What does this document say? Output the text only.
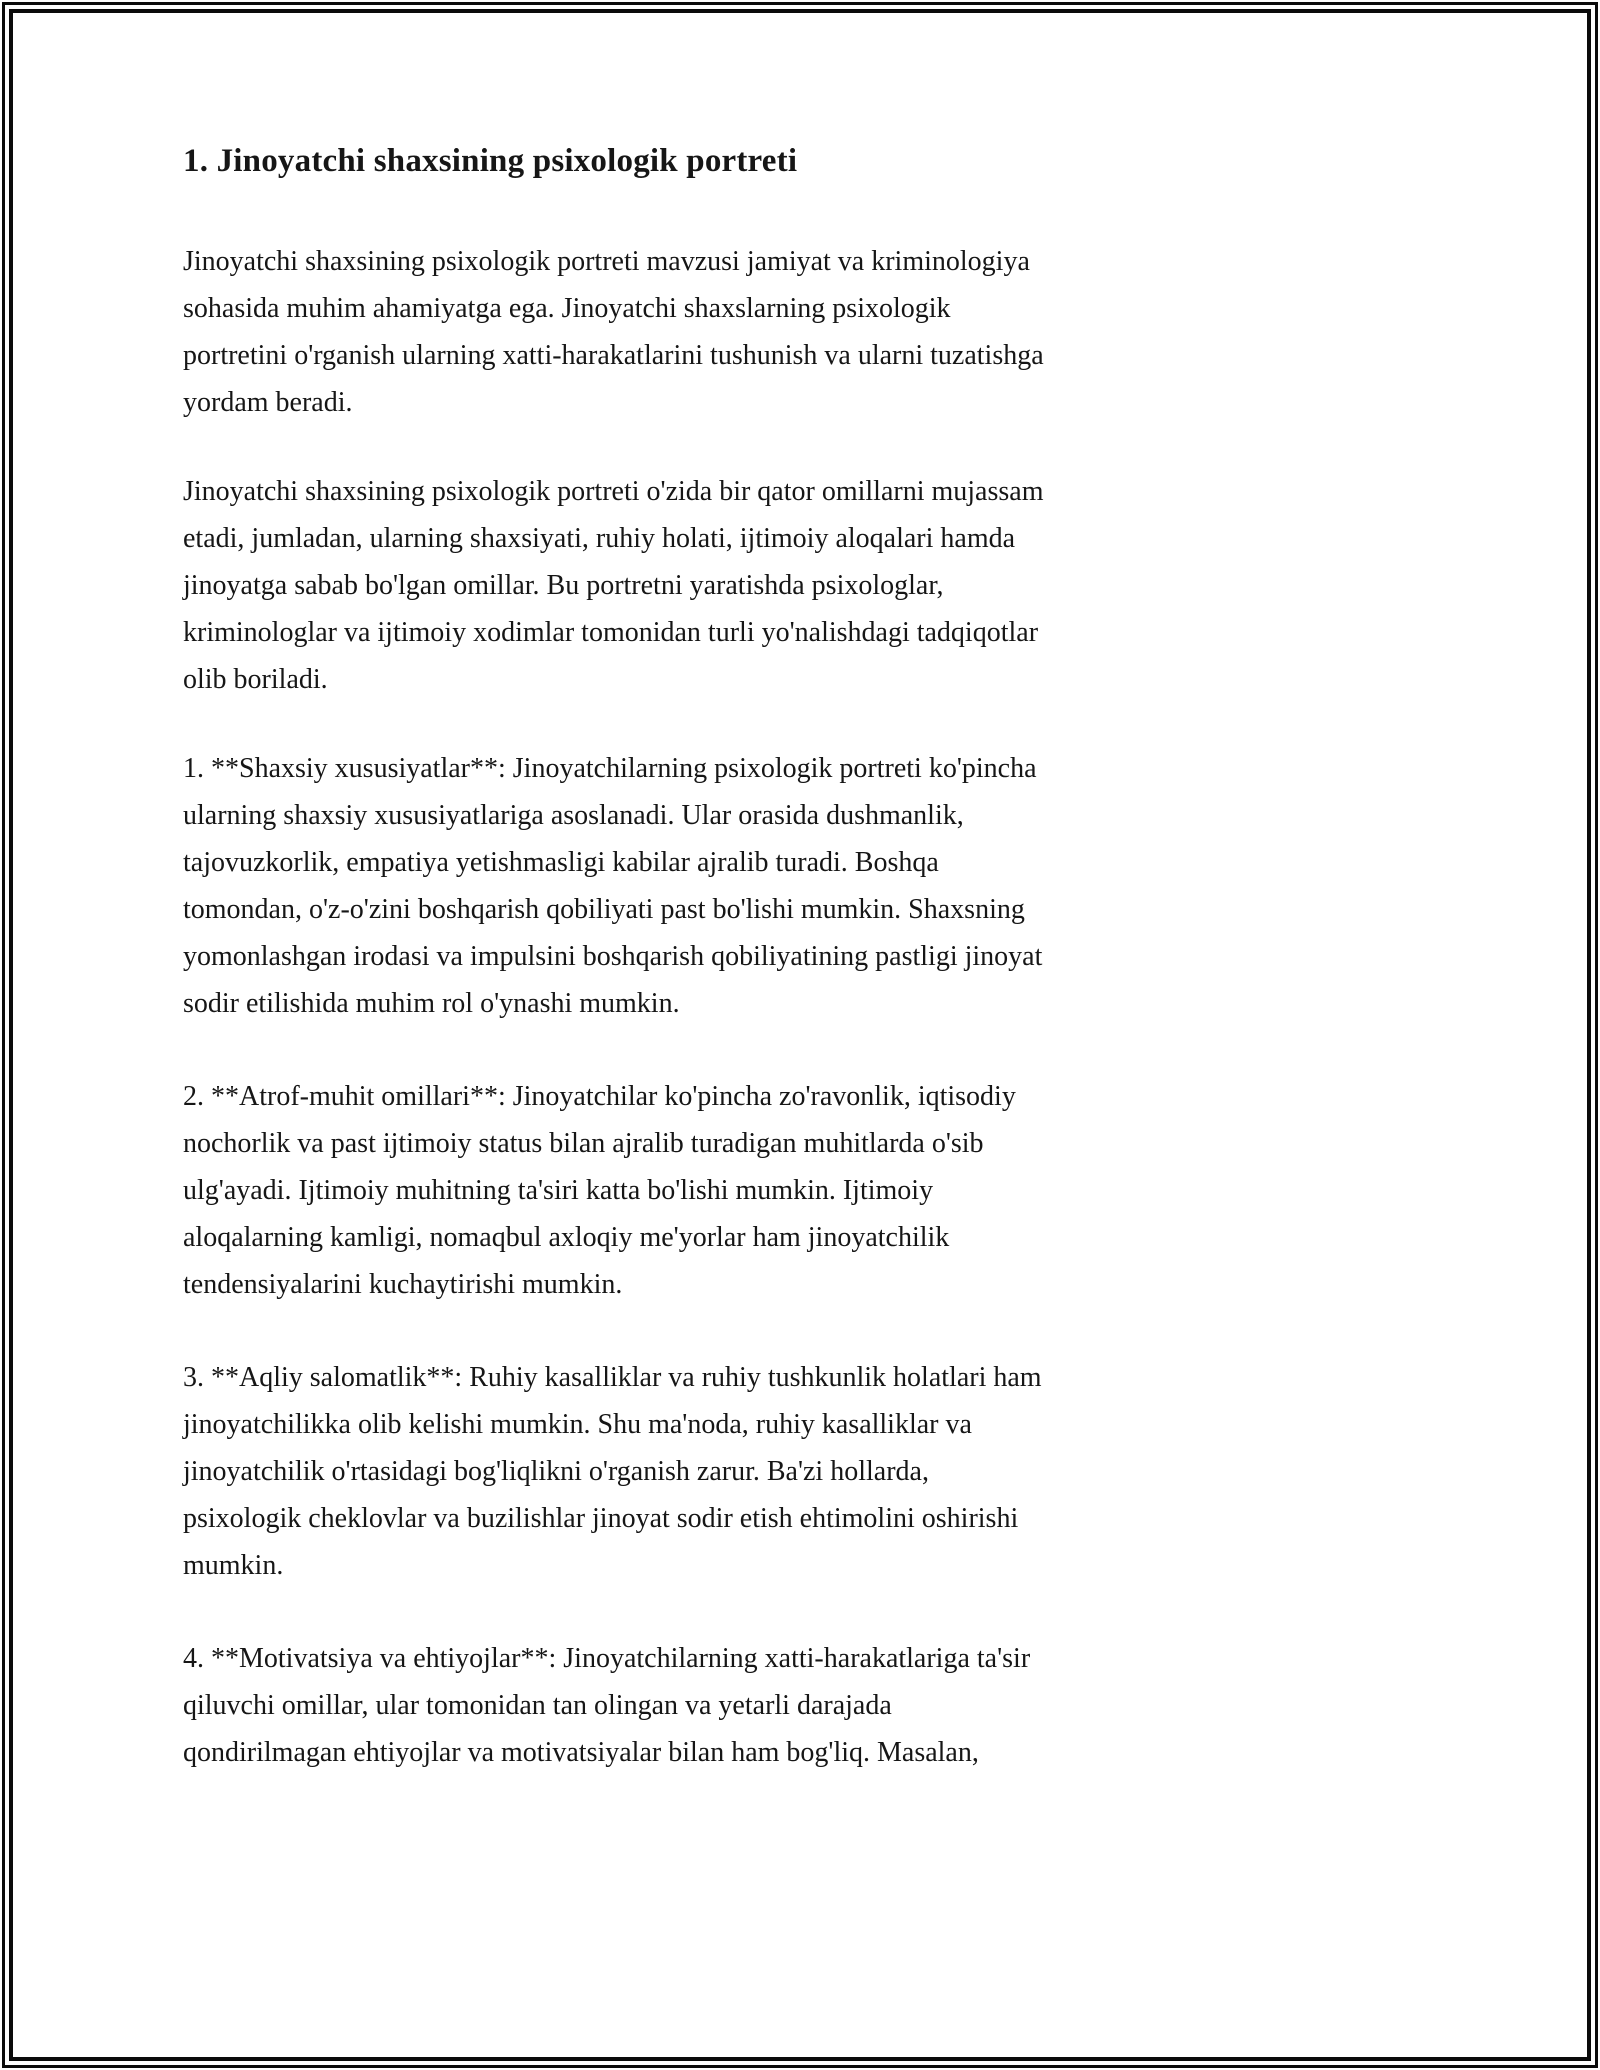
1. Jinoyatchi shaxsining psixologik portreti

Jinoyatchi shaxsining psixologik portreti mavzusi jamiyat va kriminologiya sohasida muhim ahamiyatga ega. Jinoyatchi shaxslarning psixologik portretini o'rganish ularning xatti-harakatlarini tushunish va ularni tuzatishga yordam beradi.

Jinoyatchi shaxsining psixologik portreti o'zida bir qator omillarni mujassam etadi, jumladan, ularning shaxsiyati, ruhiy holati, ijtimoiy aloqalari hamda jinoyatga sabab bo'lgan omillar. Bu portretni yaratishda psixologlar, kriminologlar va ijtimoiy xodimlar tomonidan turli yo'nalishdagi tadqiqotlar olib boriladi.

1. **Shaxsiy xususiyatlar**: Jinoyatchilarning psixologik portreti ko'pincha ularning shaxsiy xususiyatlariga asoslanadi. Ular orasida dushmanlik, tajovuzkorlik, empatiya yetishmasligi kabilar ajralib turadi. Boshqa tomondan, o'z-o'zini boshqarish qobiliyati past bo'lishi mumkin. Shaxsning yomonlashgan irodasi va impulsini boshqarish qobiliyatining pastligi jinoyat sodir etilishida muhim rol o'ynashi mumkin.

2. **Atrof-muhit omillari**: Jinoyatchilar ko'pincha zo'ravonlik, iqtisodiy nochorlik va past ijtimoiy status bilan ajralib turadigan muhitlarda o'sib ulg'ayadi. Ijtimoiy muhitning ta'siri katta bo'lishi mumkin. Ijtimoiy aloqalarning kamligi, nomaqbul axloqiy me'yorlar ham jinoyatchilik tendensiyalarini kuchaytirishi mumkin.

3. **Aqliy salomatlik**: Ruhiy kasalliklar va ruhiy tushkunlik holatlari ham jinoyatchilikka olib kelishi mumkin. Shu ma'noda, ruhiy kasalliklar va jinoyatchilik o'rtasidagi bog'liqlikni o'rganish zarur. Ba'zi hollarda, psixologik cheklovlar va buzilishlar jinoyat sodir etish ehtimolini oshirishi mumkin.

4. **Motivatsiya va ehtiyojlar**: Jinoyatchilarning xatti-harakatlariga ta'sir qiluvchi omillar, ular tomonidan tan olingan va yetarli darajada qondirilmagan ehtiyojlar va motivatsiyalar bilan ham bog'liq. Masalan,
